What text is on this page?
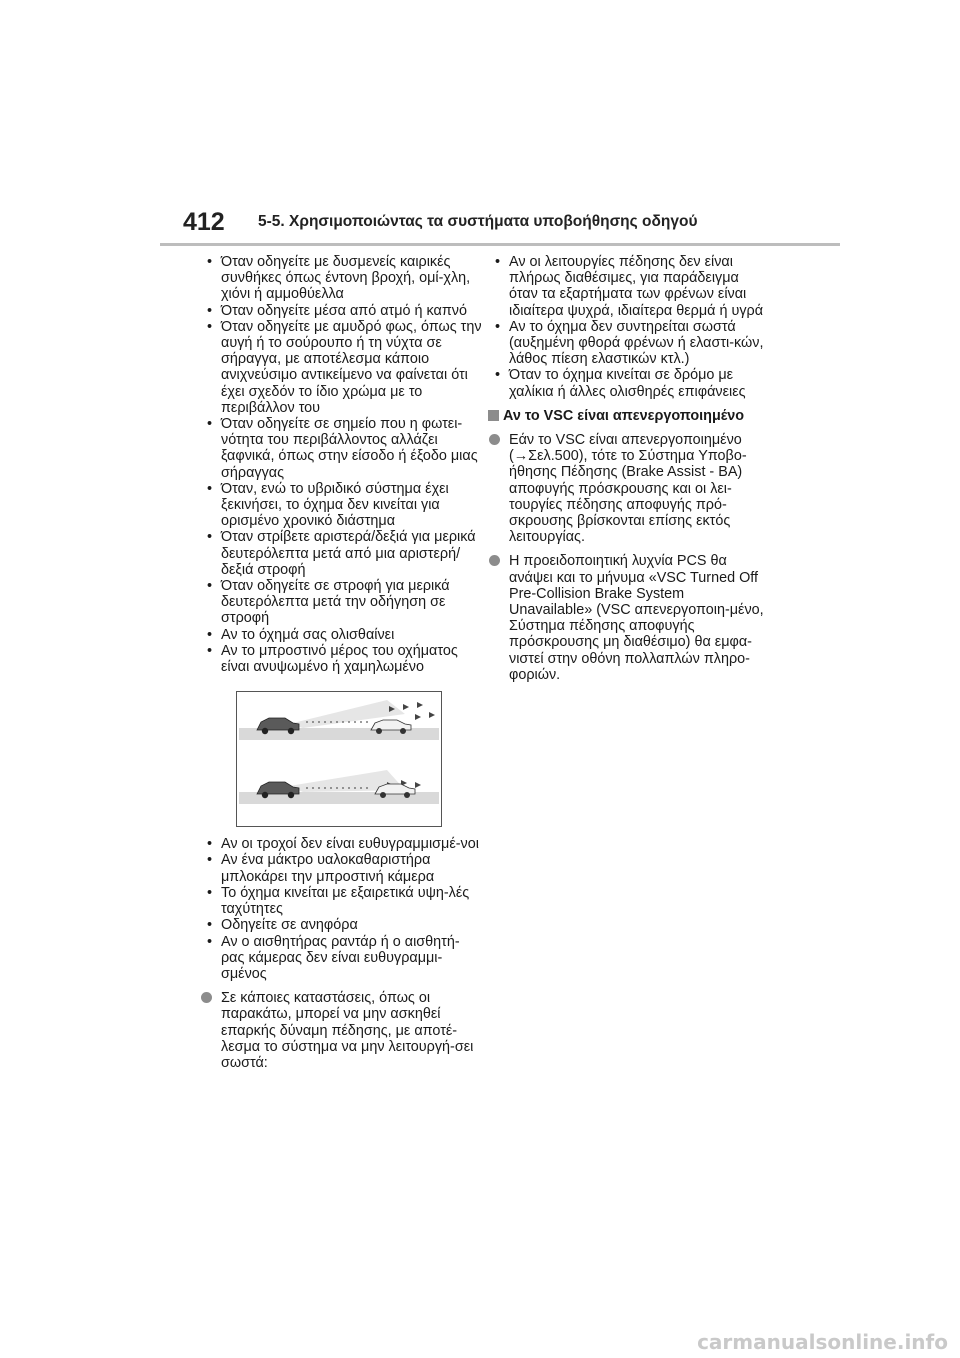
412 5-5. Χρησιμοποιώντας τα συστήματα υποβοήθησης οδηγού
• Όταν οδηγείτε με δυσμενείς καιρικές συνθήκες όπως έντονη βροχή, ομί-χλη, χιόνι ή αμμοθύελλα
• Όταν οδηγείτε μέσα από ατμό ή καπνό
• Όταν οδηγείτε με αμυδρό φως, όπως την αυγή ή το σούρουπο ή τη νύχτα σε σήραγγα, με αποτέλεσμα κάποιο ανιχνεύσιμο αντικείμενο να φαίνεται ότι έχει σχεδόν το ίδιο χρώμα με το περιβάλλον του
• Όταν οδηγείτε σε σημείο που η φωτει-νότητα του περιβάλλοντος αλλάζει ξαφνικά, όπως στην είσοδο ή έξοδο μιας σήραγγας
• Όταν, ενώ το υβριδικό σύστημα έχει ξεκινήσει, το όχημα δεν κινείται για ορισμένο χρονικό διάστημα
• Όταν στρίβετε αριστερά/δεξιά για μερικά δευτερόλεπτα μετά από μια αριστερή/δεξιά στροφή
• Όταν οδηγείτε σε στροφή για μερικά δευτερόλεπτα μετά την οδήγηση σε στροφή
• Αν το όχημά σας ολισθαίνει
• Αν το μπροστινό μέρος του οχήματος είναι ανυψωμένο ή χαμηλωμένο
• Αν οι τροχοί δεν είναι ευθυγραμμισμέ-νοι
• Αν ένα μάκτρο υαλοκαθαριστήρα μπλοκάρει την μπροστινή κάμερα
• Το όχημα κινείται με εξαιρετικά υψη-λές ταχύτητες
• Οδηγείτε σε ανηφόρα
• Αν ο αισθητήρας ραντάρ ή ο αισθητή-ρας κάμερας δεν είναι ευθυγραμμι-σμένος
Σε κάποιες καταστάσεις, όπως οι παρακάτω, μπορεί να μην ασκηθεί επαρκής δύναμη πέδησης, με αποτέ-λεσμα το σύστημα να μην λειτουργή-σει σωστά:
• Αν οι λειτουργίες πέδησης δεν είναι πλήρως διαθέσιμες, για παράδειγμα όταν τα εξαρτήματα των φρένων είναι ιδιαίτερα ψυχρά, ιδιαίτερα θερμά ή υγρά
• Αν το όχημα δεν συντηρείται σωστά (αυξημένη φθορά φρένων ή ελαστι-κών, λάθος πίεση ελαστικών κτλ.)
• Όταν το όχημα κινείται σε δρόμο με χαλίκια ή άλλες ολισθηρές επιφάνειες
Αν το VSC είναι απενεργοποιημένο
Εάν το VSC είναι απενεργοποιημένο (→Σελ.500), τότε το Σύστημα Υποβο-ήθησης Πέδησης (Brake Assist - BA) αποφυγής πρόσκρουσης και οι λει-τουργίες πέδησης αποφυγής πρό-σκρουσης βρίσκονται επίσης εκτός λειτουργίας.
Η προειδοποιητική λυχνία PCS θα ανάψει και το μήνυμα «VSC Turned Off Pre-Collision Brake System Unavailable» (VSC απενεργοποιη-μένο, Σύστημα πέδησης αποφυγής πρόσκρουσης μη διαθέσιμο) θα εμφα-νιστεί στην οθόνη πολλαπλών πληρο-φοριών.
carmanualsonline.info
